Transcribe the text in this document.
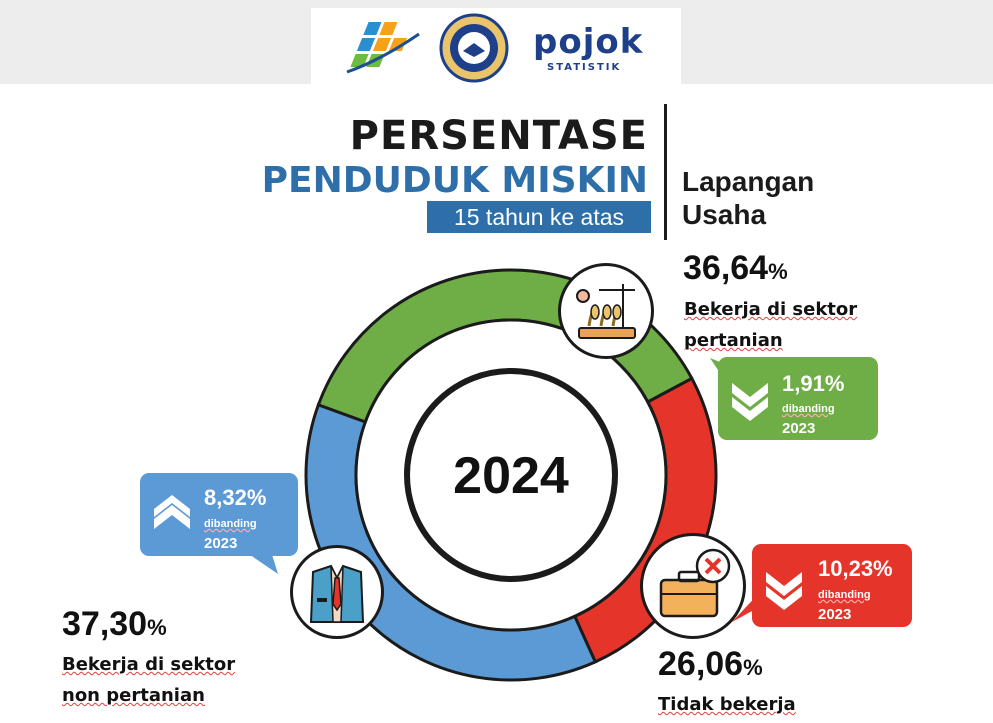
pojok
STATISTIK
PERSENTASE
PENDUDUK MISKIN
15 tahun ke atas
Lapangan Usaha
2024
36,64%
Bekerja di sektor
pertanian
1,91%
dibanding
2023
8,32%
dibanding
2023
10,23%
dibanding
2023
37,30%
Bekerja di sektor
non pertanian
26,06%
Tidak bekerja
